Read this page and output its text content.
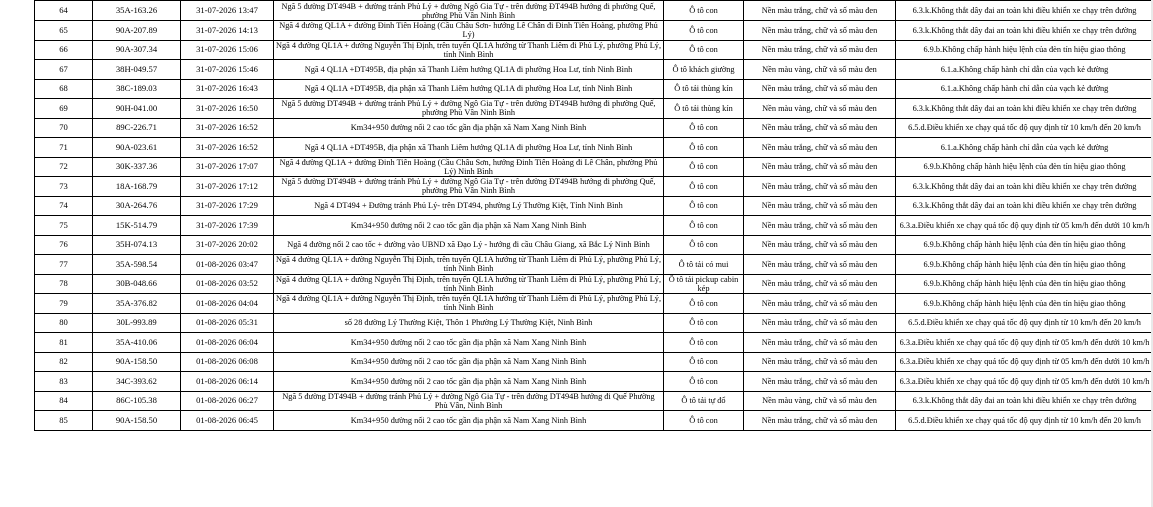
64	35A-163.26	31-07-2026 13:47	Ngã 5 đường DT494B + đường tránh Phủ Lý + đường Ngô Gia Tự - trên đường ĐT494B hướng đi phường Quế, phường Phù Vân Ninh Bình	Ô tô con	Nền màu trắng, chữ và số màu đen	6.3.k.Không thắt dây đai an toàn khi điều khiển xe chạy trên đường
65	90A-207.89	31-07-2026 14:13	Ngã 4 đường QL1A + đường Đinh Tiên Hoàng (Cầu Châu Sơn- hướng Lê Chân đi Đinh Tiên Hoàng, phường Phủ Lý)	Ô tô con	Nền màu trắng, chữ và số màu đen	6.3.k.Không thắt dây đai an toàn khi điều khiển xe chạy trên đường
66	90A-307.34	31-07-2026 15:06	Ngã 4 đường QL1A + đường Nguyễn Thị Định, trên tuyến QL1A hướng từ Thanh Liêm đi Phủ Lý, phường Phủ Lý, tỉnh Ninh Bình	Ô tô con	Nền màu trắng, chữ và số màu đen	6.9.b.Không chấp hành hiệu lệnh của đèn tín hiệu giao thông
67	38H-049.57	31-07-2026 15:46	Ngã 4 QL1A +DT495B, địa phận xã Thanh Liêm hướng QL1A đi phường Hoa Lư, tỉnh Ninh Bình	Ô tô khách giường	Nền màu vàng, chữ và số màu đen	6.1.a.Không chấp hành chỉ dẫn của vạch kẻ đường
68	38C-189.03	31-07-2026 16:43	Ngã 4 QL1A +DT495B, địa phận xã Thanh Liêm hướng QL1A đi phường Hoa Lư, tỉnh Ninh Bình	Ô tô tải thùng kín	Nền màu trắng, chữ và số màu đen	6.1.a.Không chấp hành chỉ dẫn của vạch kẻ đường
69	90H-041.00	31-07-2026 16:50	Ngã 5 đường DT494B + đường tránh Phủ Lý + đường Ngô Gia Tự - trên đường ĐT494B hướng đi phường Quế, phường Phù Vân Ninh Bình	Ô tô tải thùng kín	Nền màu vàng, chữ và số màu đen	6.3.k.Không thắt dây đai an toàn khi điều khiển xe chạy trên đường
70	89C-226.71	31-07-2026 16:52	Km34+950 đường nối 2 cao tốc gần địa phận xã Nam Xang Ninh Bình	Ô tô con	Nền màu trắng, chữ và số màu đen	6.5.d.Điều khiển xe chạy quá tốc độ quy định từ 10 km/h đến 20 km/h
71	90A-023.61	31-07-2026 16:52	Ngã 4 QL1A +DT495B, địa phận xã Thanh Liêm hướng QL1A đi phường Hoa Lư, tỉnh Ninh Bình	Ô tô con	Nền màu trắng, chữ và số màu đen	6.1.a.Không chấp hành chỉ dẫn của vạch kẻ đường
72	30K-337.36	31-07-2026 17:07	Ngã 4 đường QL1A + đường Đinh Tiên Hoàng (Cầu Châu Sơn, hướng Đinh Tiên Hoàng đi Lê Chân, phường Phủ Lý) Ninh Bình	Ô tô con	Nền màu trắng, chữ và số màu đen	6.9.b.Không chấp hành hiệu lệnh của đèn tín hiệu giao thông
73	18A-168.79	31-07-2026 17:12	Ngã 5 đường DT494B + đường tránh Phủ Lý + đường Ngô Gia Tự - trên đường ĐT494B hướng đi phường Quế, phường Phù Vân Ninh Bình	Ô tô con	Nền màu trắng, chữ và số màu đen	6.3.k.Không thắt dây đai an toàn khi điều khiển xe chạy trên đường
74	30A-264.76	31-07-2026 17:29	Ngã 4 DT494 + Đường tránh Phủ Lý- trên DT494, phường Lý Thường Kiệt, Tỉnh Ninh Bình	Ô tô con	Nền màu trắng, chữ và số màu đen	6.3.k.Không thắt dây đai an toàn khi điều khiển xe chạy trên đường
75	15K-514.79	31-07-2026 17:39	Km34+950 đường nối 2 cao tốc gần địa phận xã Nam Xang Ninh Bình	Ô tô con	Nền màu trắng, chữ và số màu đen	6.3.a.Điều khiển xe chạy quá tốc độ quy định từ 05 km/h đến dưới 10 km/h
76	35H-074.13	31-07-2026 20:02	Ngã 4 đường nối 2 cao tốc + đường vào UBND xã Đạo Lý - hướng đi cầu Châu Giang, xã Bắc Lý Ninh Bình	Ô tô con	Nền màu trắng, chữ và số màu đen	6.9.b.Không chấp hành hiệu lệnh của đèn tín hiệu giao thông
77	35A-598.54	01-08-2026 03:47	Ngã 4 đường QL1A + đường Nguyễn Thị Định, trên tuyến QL1A hướng từ Thanh Liêm đi Phủ Lý, phường Phủ Lý, tỉnh Ninh Bình	Ô tô tải có mui	Nền màu trắng, chữ và số màu đen	6.9.b.Không chấp hành hiệu lệnh của đèn tín hiệu giao thông
78	30B-048.66	01-08-2026 03:52	Ngã 4 đường QL1A + đường Nguyễn Thị Định, trên tuyến QL1A hướng từ Thanh Liêm đi Phủ Lý, phường Phủ Lý, tỉnh Ninh Bình	Ô tô tải pickup cabin kép	Nền màu trắng, chữ và số màu đen	6.9.b.Không chấp hành hiệu lệnh của đèn tín hiệu giao thông
79	35A-376.82	01-08-2026 04:04	Ngã 4 đường QL1A + đường Nguyễn Thị Định, trên tuyến QL1A hướng từ Thanh Liêm đi Phủ Lý, phường Phủ Lý, tỉnh Ninh Bình	Ô tô con	Nền màu trắng, chữ và số màu đen	6.9.b.Không chấp hành hiệu lệnh của đèn tín hiệu giao thông
80	30L-993.89	01-08-2026 05:31	số 28 đường Lý Thường Kiệt, Thôn 1 Phường Lý Thường Kiệt, Ninh Bình	Ô tô con	Nền màu trắng, chữ và số màu đen	6.5.d.Điều khiển xe chạy quá tốc độ quy định từ 10 km/h đến 20 km/h
81	35A-410.06	01-08-2026 06:04	Km34+950 đường nối 2 cao tốc gần địa phận xã Nam Xang Ninh Bình	Ô tô con	Nền màu trắng, chữ và số màu đen	6.3.a.Điều khiển xe chạy quá tốc độ quy định từ 05 km/h đến dưới 10 km/h
82	90A-158.50	01-08-2026 06:08	Km34+950 đường nối 2 cao tốc gần địa phận xã Nam Xang Ninh Bình	Ô tô con	Nền màu trắng, chữ và số màu đen	6.3.a.Điều khiển xe chạy quá tốc độ quy định từ 05 km/h đến dưới 10 km/h
83	34C-393.62	01-08-2026 06:14	Km34+950 đường nối 2 cao tốc gần địa phận xã Nam Xang Ninh Bình	Ô tô con	Nền màu trắng, chữ và số màu đen	6.3.a.Điều khiển xe chạy quá tốc độ quy định từ 05 km/h đến dưới 10 km/h
84	86C-105.38	01-08-2026 06:27	Ngã 5 đường DT494B + đường tránh Phủ Lý + đường Ngô Gia Tự - trên đường DT494B hướng đi Quế Phường Phù Vân, Ninh Bình	Ô tô tải tự đổ	Nền màu vàng, chữ và số màu đen	6.3.k.Không thắt dây đai an toàn khi điều khiển xe chạy trên đường
85	90A-158.50	01-08-2026 06:45	Km34+950 đường nối 2 cao tốc gần địa phận xã Nam Xang Ninh Bình	Ô tô con	Nền màu trắng, chữ và số màu đen	6.5.d.Điều khiển xe chạy quá tốc độ quy định từ 10 km/h đến 20 km/h
